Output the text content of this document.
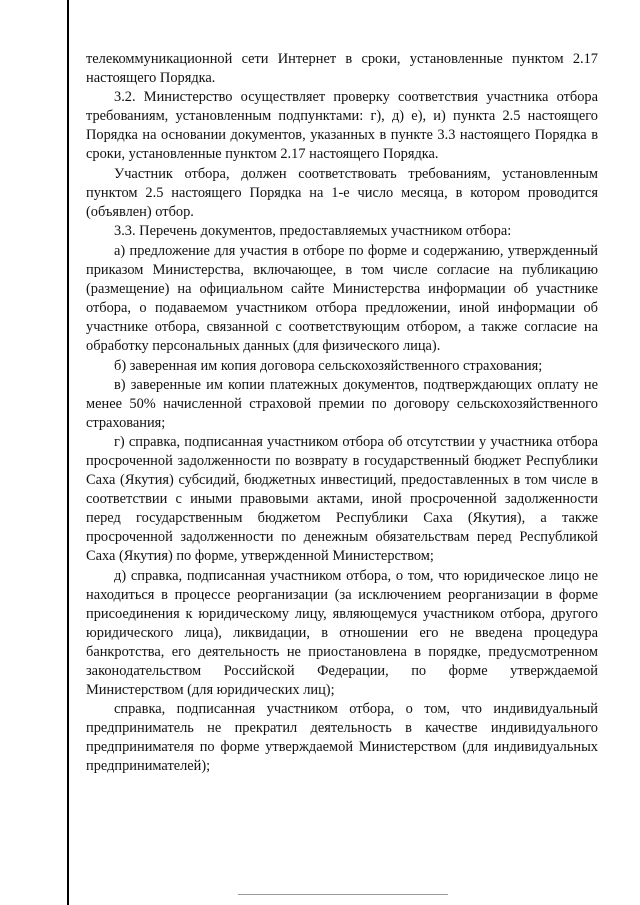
телекоммуникационной сети Интернет в сроки, установленные пунктом 2.17 настоящего Порядка.

3.2. Министерство осуществляет проверку соответствия участника отбора требованиям, установленным подпунктами: г), д) е), и) пункта 2.5 настоящего Порядка на основании документов, указанных в пункте 3.3 настоящего Порядка в сроки, установленные пунктом 2.17 настоящего Порядка.

Участник отбора, должен соответствовать требованиям, установленным пунктом 2.5 настоящего Порядка на 1-е число месяца, в котором проводится (объявлен) отбор.

3.3. Перечень документов, предоставляемых участником отбора:

а) предложение для участия в отборе по форме и содержанию, утвержденный приказом Министерства, включающее, в том числе согласие на публикацию (размещение) на официальном сайте Министерства информации об участнике отбора, о подаваемом участником отбора предложении, иной информации об участнике отбора, связанной с соответствующим отбором, а также согласие на обработку персональных данных (для физического лица).

б) заверенная им копия договора сельскохозяйственного страхования;

в) заверенные им копии платежных документов, подтверждающих оплату не менее 50% начисленной страховой премии по договору сельскохозяйственного страхования;

г) справка, подписанная участником отбора об отсутствии у участника отбора просроченной задолженности по возврату в государственный бюджет Республики Саха (Якутия) субсидий, бюджетных инвестиций, предоставленных в том числе в соответствии с иными правовыми актами, иной просроченной задолженности перед государственным бюджетом Республики Саха (Якутия), а также просроченной задолженности по денежным обязательствам перед Республикой Саха (Якутия) по форме, утвержденной Министерством;

д) справка, подписанная участником отбора, о том, что юридическое лицо не находиться в процессе реорганизации (за исключением реорганизации в форме присоединения к юридическому лицу, являющемуся участником отбора, другого юридического лица), ликвидации, в отношении его не введена процедура банкротства, его деятельность не приостановлена в порядке, предусмотренном законодательством Российской Федерации, по форме утверждаемой Министерством (для юридических лиц);

справка, подписанная участником отбора, о том, что индивидуальный предприниматель не прекратил деятельность в качестве индивидуального предпринимателя по форме утверждаемой Министерством (для индивидуальных предпринимателей);
